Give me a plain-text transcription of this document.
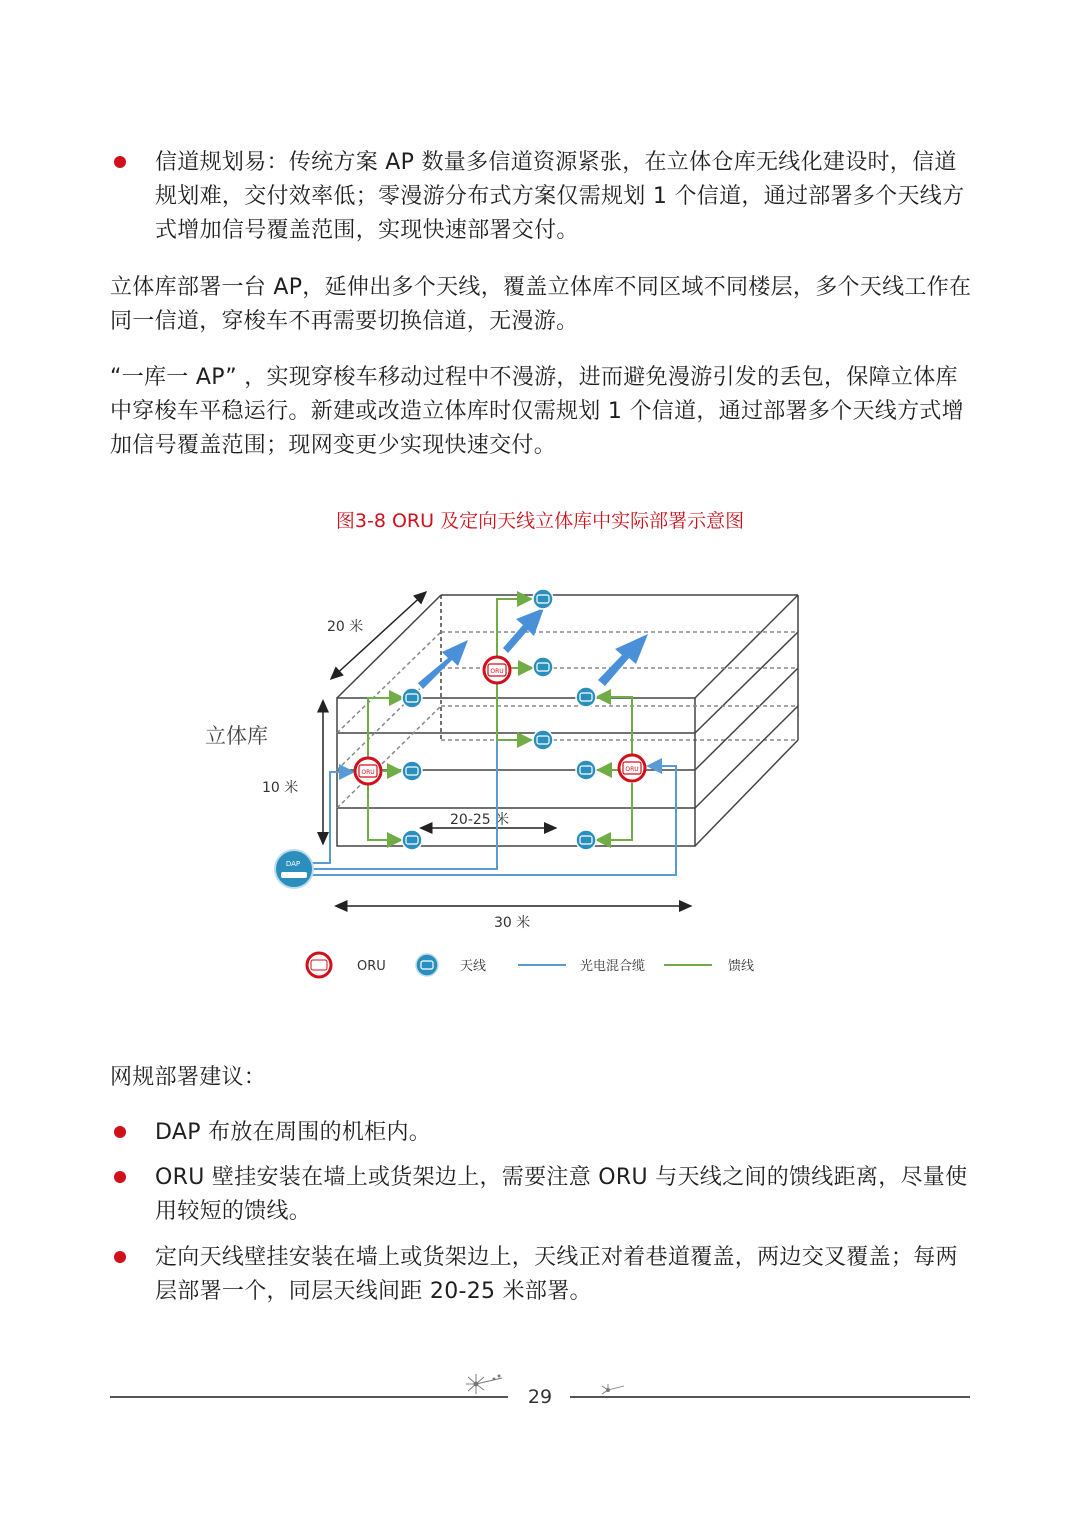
信道规划易：传统方案 AP 数量多信道资源紧张，在立体仓库无线化建设时，信道规划难，交付效率低；零漫游分布式方案仅需规划 1 个信道，通过部署多个天线方式增加信号覆盖范围，实现快速部署交付。
立体库部署一台 AP，延伸出多个天线，覆盖立体库不同区域不同楼层，多个天线工作在同一信道，穿梭车不再需要切换信道，无漫游。
“一库一 AP” ，实现穿梭车移动过程中不漫游，进而避免漫游引发的丢包，保障立体库中穿梭车平稳运行。新建或改造立体库时仅需规划 1 个信道，通过部署多个天线方式增加信号覆盖范围；现网变更少实现快速交付。
图3-8 ORU 及定向天线立体库中实际部署示意图
20 米
立体库
10 米
20-25 米
30 米
ORU
ORU
ORU
DAP
ORU	天线	光电混合缆	馈线
网规部署建议：
DAP 布放在周围的机柜内。
ORU 壁挂安装在墙上或货架边上，需要注意 ORU 与天线之间的馈线距离，尽量使用较短的馈线。
定向天线壁挂安装在墙上或货架边上，天线正对着巷道覆盖，两边交叉覆盖；每两层部署一个，同层天线间距 20-25 米部署。
29
